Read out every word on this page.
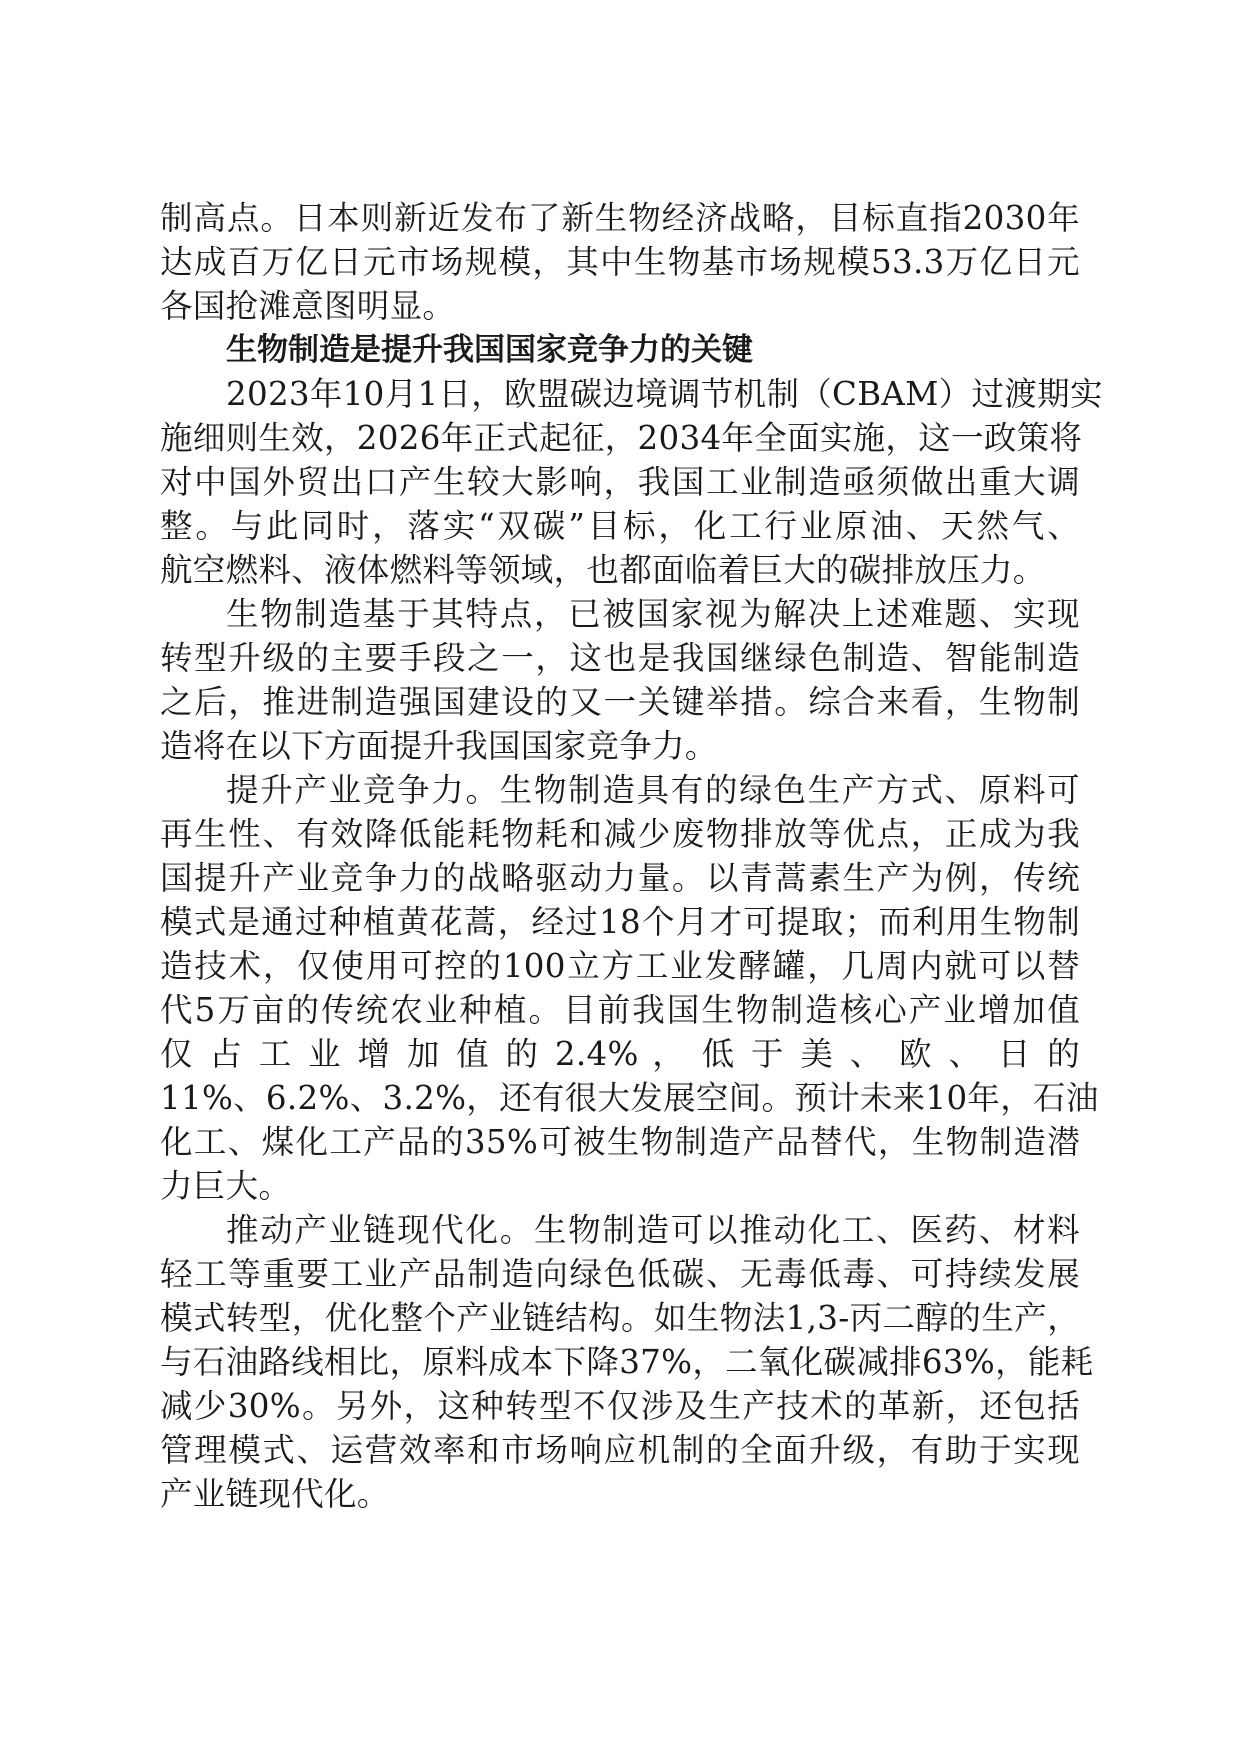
制高点。日本则新近发布了新生物经济战略，目标直指2030年
达成百万亿日元市场规模，其中生物基市场规模53.3万亿日元
各国抢滩意图明显。
生物制造是提升我国国家竞争力的关键
2023年10月1日，欧盟碳边境调节机制（CBAM）过渡期实
施细则生效，2026年正式起征，2034年全面实施，这一政策将
对中国外贸出口产生较大影响，我国工业制造亟须做出重大调
整。与此同时，落实“双碳”目标，化工行业原油、天然气、
航空燃料、液体燃料等领域，也都面临着巨大的碳排放压力。
生物制造基于其特点，已被国家视为解决上述难题、实现
转型升级的主要手段之一，这也是我国继绿色制造、智能制造
之后，推进制造强国建设的又一关键举措。综合来看，生物制
造将在以下方面提升我国国家竞争力。
提升产业竞争力。生物制造具有的绿色生产方式、原料可
再生性、有效降低能耗物耗和减少废物排放等优点，正成为我
国提升产业竞争力的战略驱动力量。以青蒿素生产为例，传统
模式是通过种植黄花蒿，经过18个月才可提取；而利用生物制
造技术，仅使用可控的100立方工业发酵罐，几周内就可以替
代5万亩的传统农业种植。目前我国生物制造核心产业增加值
仅 占 工 业 增 加 值 的 2.4% ， 低 于 美 、 欧 、 日 的
11%、6.2%、3.2%，还有很大发展空间。预计未来10年，石油
化工、煤化工产品的35%可被生物制造产品替代，生物制造潜
力巨大。
推动产业链现代化。生物制造可以推动化工、医药、材料
轻工等重要工业产品制造向绿色低碳、无毒低毒、可持续发展
模式转型，优化整个产业链结构。如生物法1,3-丙二醇的生产，
与石油路线相比，原料成本下降37%，二氧化碳减排63%，能耗
减少30%。另外，这种转型不仅涉及生产技术的革新，还包括
管理模式、运营效率和市场响应机制的全面升级，有助于实现
产业链现代化。
